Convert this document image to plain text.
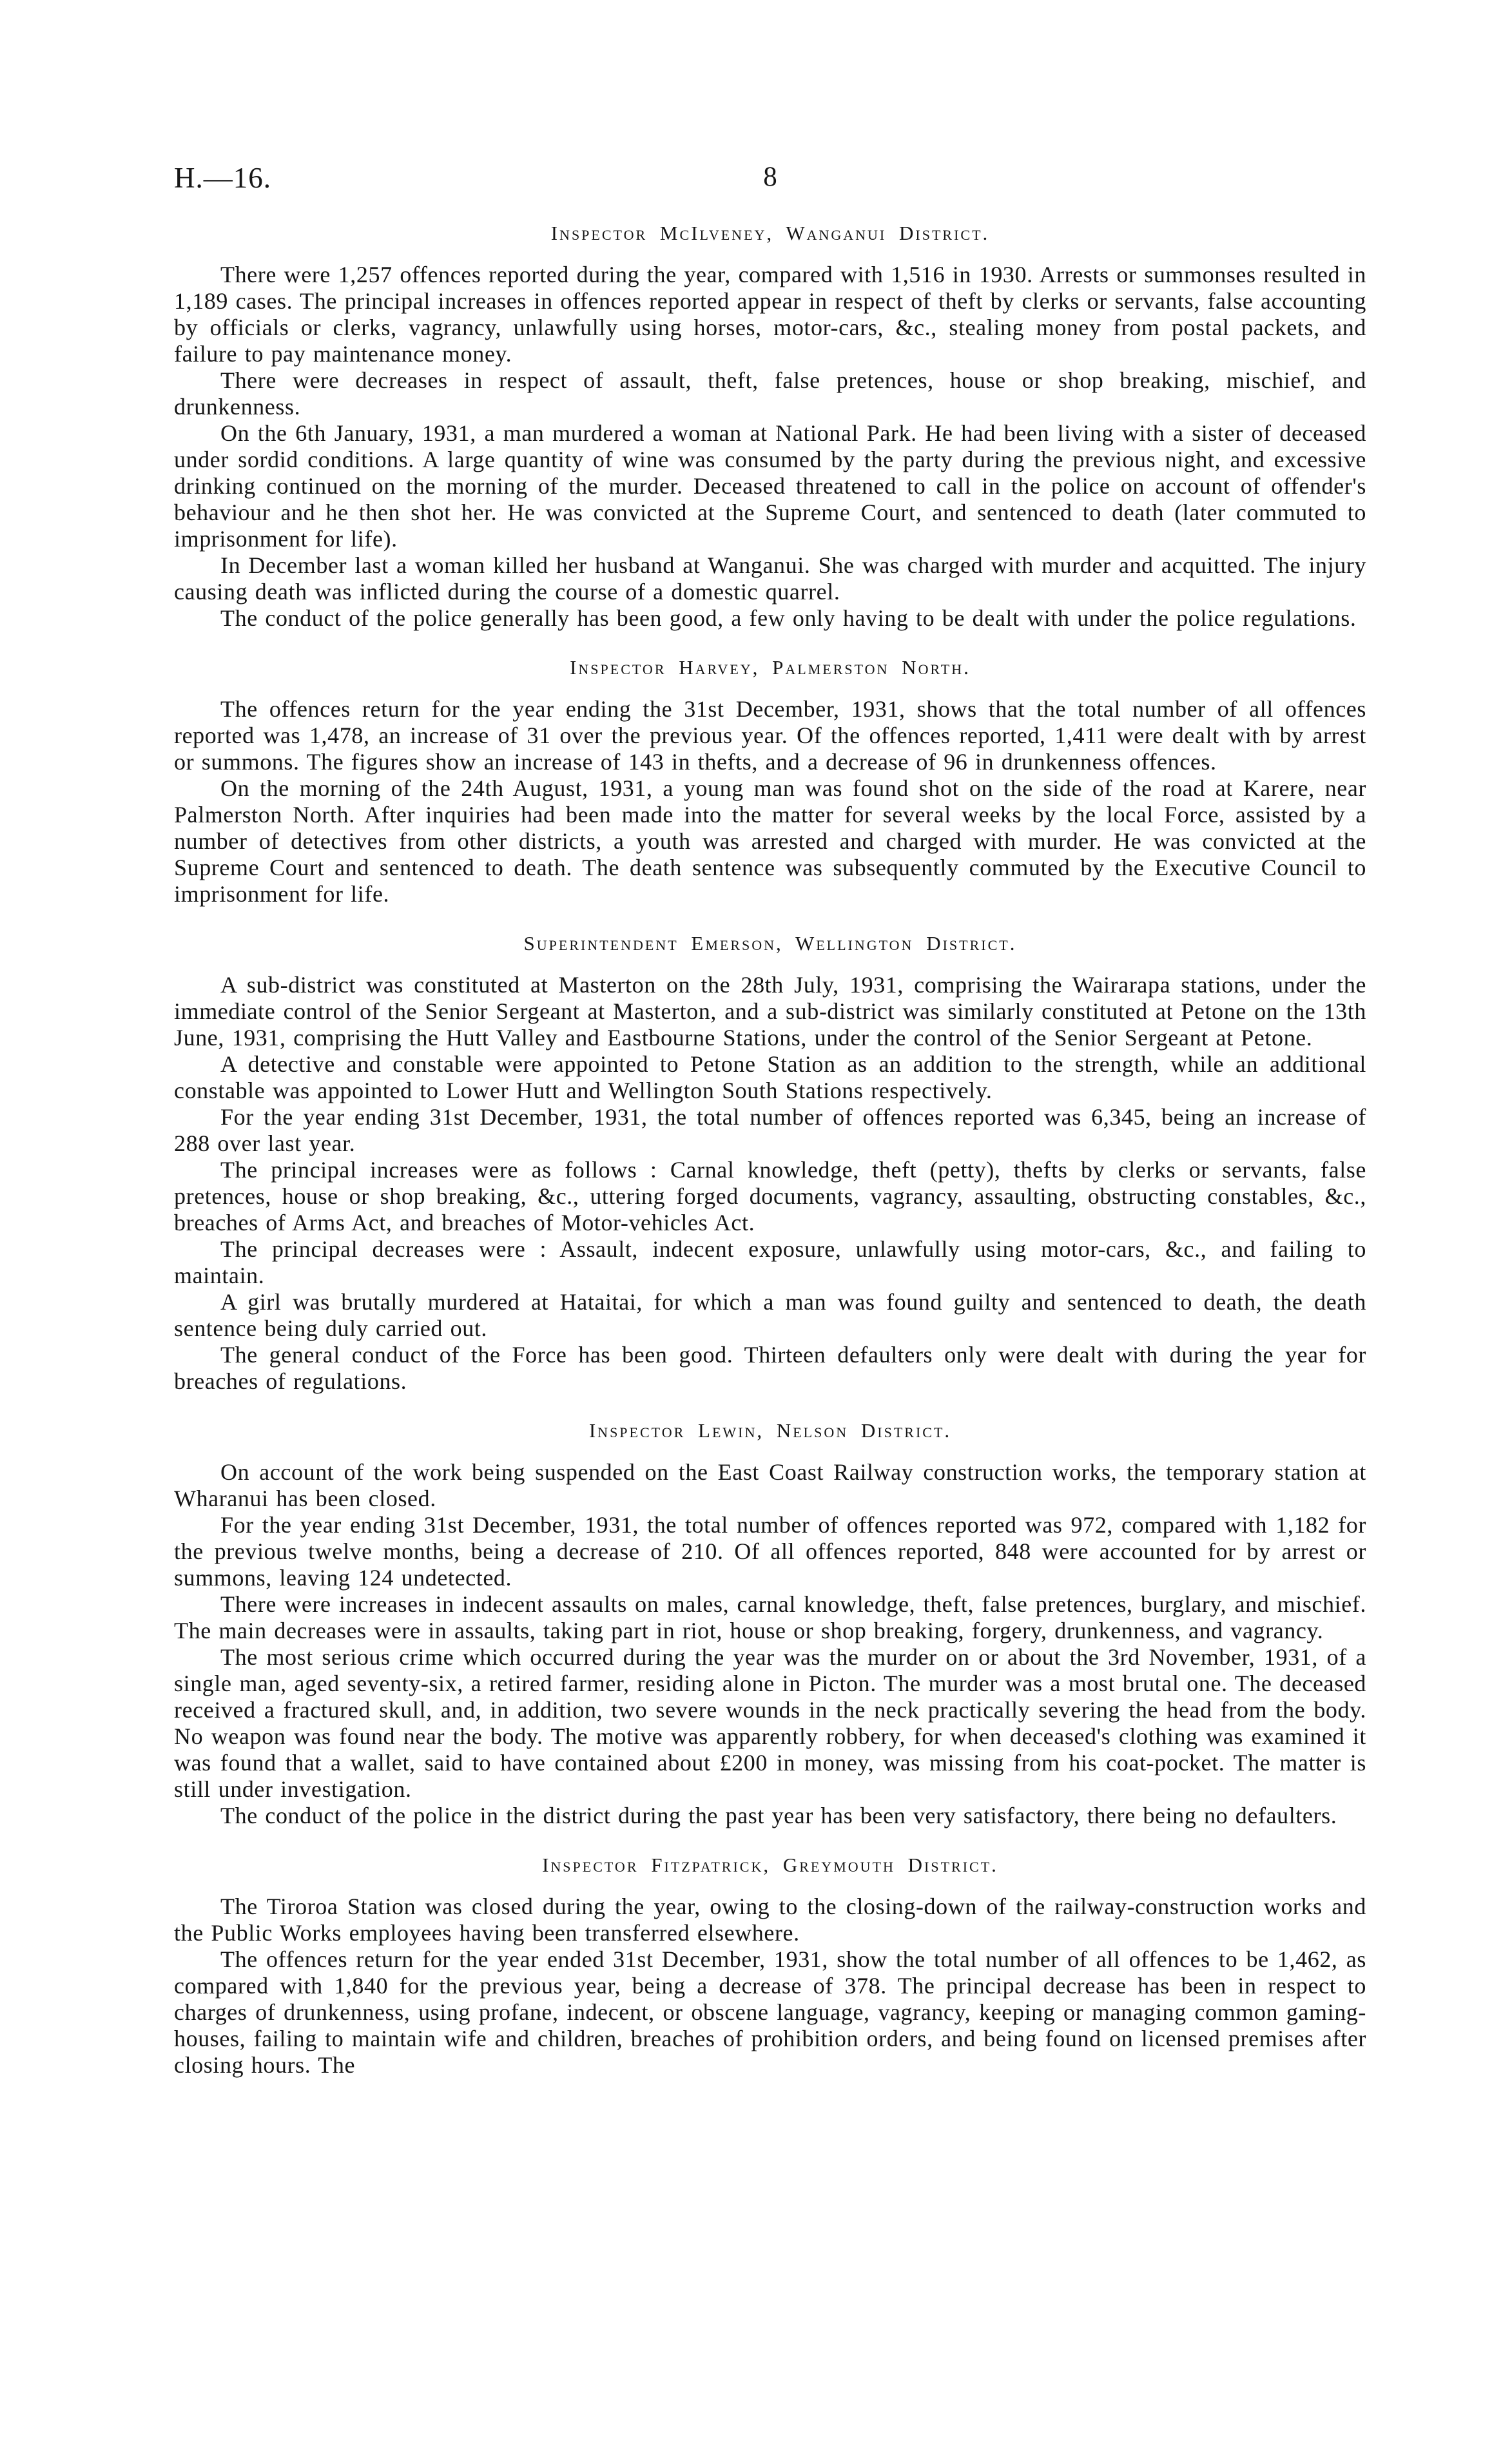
H.—16.	8
Inspector McIlveney, Wanganui District.

There were 1,257 offences reported during the year, compared with 1,516 in 1930. Arrests or summonses resulted in 1,189 cases. The principal increases in offences reported appear in respect of theft by clerks or servants, false accounting by officials or clerks, vagrancy, unlawfully using horses, motor-cars, &c., stealing money from postal packets, and failure to pay maintenance money.

There were decreases in respect of assault, theft, false pretences, house or shop breaking, mischief, and drunkenness.

On the 6th January, 1931, a man murdered a woman at National Park. He had been living with a sister of deceased under sordid conditions. A large quantity of wine was consumed by the party during the previous night, and excessive drinking continued on the morning of the murder. Deceased threatened to call in the police on account of offender's behaviour and he then shot her. He was convicted at the Supreme Court, and sentenced to death (later commuted to imprisonment for life).

In December last a woman killed her husband at Wanganui. She was charged with murder and acquitted. The injury causing death was inflicted during the course of a domestic quarrel.

The conduct of the police generally has been good, a few only having to be dealt with under the police regulations.

Inspector Harvey, Palmerston North.

The offences return for the year ending the 31st December, 1931, shows that the total number of all offences reported was 1,478, an increase of 31 over the previous year. Of the offences reported, 1,411 were dealt with by arrest or summons. The figures show an increase of 143 in thefts, and a decrease of 96 in drunkenness offences.

On the morning of the 24th August, 1931, a young man was found shot on the side of the road at Karere, near Palmerston North. After inquiries had been made into the matter for several weeks by the local Force, assisted by a number of detectives from other districts, a youth was arrested and charged with murder. He was convicted at the Supreme Court and sentenced to death. The death sentence was subsequently commuted by the Executive Council to imprisonment for life.

Superintendent Emerson, Wellington District.

A sub-district was constituted at Masterton on the 28th July, 1931, comprising the Wairarapa stations, under the immediate control of the Senior Sergeant at Masterton, and a sub-district was similarly constituted at Petone on the 13th June, 1931, comprising the Hutt Valley and Eastbourne Stations, under the control of the Senior Sergeant at Petone.

A detective and constable were appointed to Petone Station as an addition to the strength, while an additional constable was appointed to Lower Hutt and Wellington South Stations respectively.

For the year ending 31st December, 1931, the total number of offences reported was 6,345, being an increase of 288 over last year.

The principal increases were as follows : Carnal knowledge, theft (petty), thefts by clerks or servants, false pretences, house or shop breaking, &c., uttering forged documents, vagrancy, assaulting, obstructing constables, &c., breaches of Arms Act, and breaches of Motor-vehicles Act.

The principal decreases were : Assault, indecent exposure, unlawfully using motor-cars, &c., and failing to maintain.

A girl was brutally murdered at Hataitai, for which a man was found guilty and sentenced to death, the death sentence being duly carried out.

The general conduct of the Force has been good. Thirteen defaulters only were dealt with during the year for breaches of regulations.

Inspector Lewin, Nelson District.

On account of the work being suspended on the East Coast Railway construction works, the temporary station at Wharanui has been closed.

For the year ending 31st December, 1931, the total number of offences reported was 972, compared with 1,182 for the previous twelve months, being a decrease of 210. Of all offences reported, 848 were accounted for by arrest or summons, leaving 124 undetected.

There were increases in indecent assaults on males, carnal knowledge, theft, false pretences, burglary, and mischief. The main decreases were in assaults, taking part in riot, house or shop breaking, forgery, drunkenness, and vagrancy.

The most serious crime which occurred during the year was the murder on or about the 3rd November, 1931, of a single man, aged seventy-six, a retired farmer, residing alone in Picton. The murder was a most brutal one. The deceased received a fractured skull, and, in addition, two severe wounds in the neck practically severing the head from the body. No weapon was found near the body. The motive was apparently robbery, for when deceased's clothing was examined it was found that a wallet, said to have contained about £200 in money, was missing from his coat-pocket. The matter is still under investigation.

The conduct of the police in the district during the past year has been very satisfactory, there being no defaulters.

Inspector Fitzpatrick, Greymouth District.

The Tiroroa Station was closed during the year, owing to the closing-down of the railway-construction works and the Public Works employees having been transferred elsewhere.

The offences return for the year ended 31st December, 1931, show the total number of all offences to be 1,462, as compared with 1,840 for the previous year, being a decrease of 378. The principal decrease has been in respect to charges of drunkenness, using profane, indecent, or obscene language, vagrancy, keeping or managing common gaming-houses, failing to maintain wife and children, breaches of prohibition orders, and being found on licensed premises after closing hours. The
